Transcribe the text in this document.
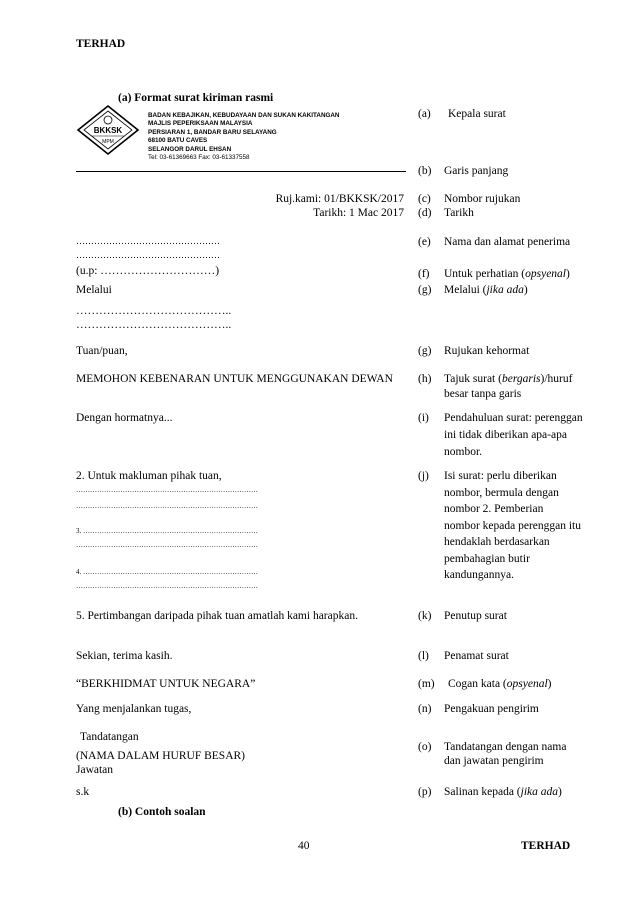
TERHAD
(a) Format surat kiriman rasmi
BKKSK
MPM
BADAN KEBAJIKAN, KEBUDAYAAN DAN SUKAN KAKITANGAN
MAJLIS PEPERIKSAAN MALAYSIA
PERSIARAN 1, BANDAR BARU SELAYANG
68100 BATU CAVES
SELANGOR DARUL EHSAN
Tel: 03-61369663 Fax: 03-61337558
Ruj.kami: 01/BKKSK/2017
Tarikh: 1 Mac 2017
…………………………………………
…………………………………………
(u.p: …………………………)
Melalui
…………………………………..
…………………………………..
Tuan/puan,
MEMOHON KEBENARAN UNTUK MENGGUNAKAN DEWAN
Dengan hormatnya...
2. Untuk makluman pihak tuan,
……………………………………………………………………
……………………………………………………………………
3. …………………………………………………………………
……………………………………………………………………
4. …………………………………………………………………
……………………………………………………………………
5. Pertimbangan daripada pihak tuan amatlah kami harapkan.
Sekian, terima kasih.
“BERKHIDMAT UNTUK NEGARA”
Yang menjalankan tugas,
Tandatangan
(NAMA DALAM HURUF BESAR)
Jawatan
s.k
(a) Kepala surat
(b) Garis panjang
(c) Nombor rujukan
(d) Tarikh
(e) Nama dan alamat penerima
(f) Untuk perhatian (opsyenal)
(g) Melalui (jika ada)
(g) Rujukan kehormat
(h) Tajuk surat (bergaris)/huruf
besar tanpa garis
(i) Pendahuluan surat: perenggan
ini tidak diberikan apa-apa
nombor.
(j) Isi surat: perlu diberikan
nombor, bermula dengan
nombor 2. Pemberian
nombor kepada perenggan itu
hendaklah berdasarkan
pembahagian butir
kandungannya.
(k) Penutup surat
(l) Penamat surat
(m) Cogan kata (opsyenal)
(n) Pengakuan pengirim
(o) Tandatangan dengan nama
dan jawatan pengirim
(p) Salinan kepada (jika ada)
(b) Contoh soalan
40	TERHAD
